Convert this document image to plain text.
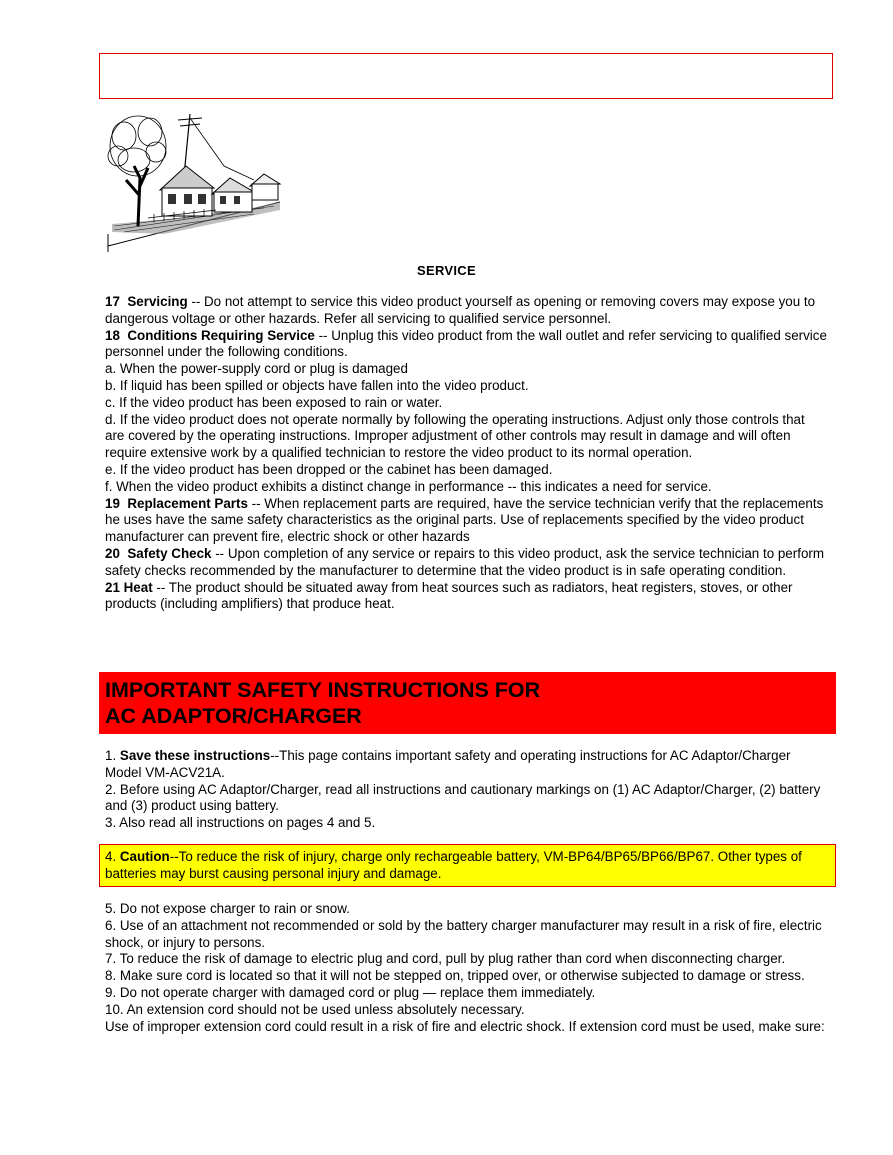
SERVICE

17 Servicing -- Do not attempt to service this video product yourself as opening or removing covers may expose you to dangerous voltage or other hazards. Refer all servicing to qualified service personnel.

18 Conditions Requiring Service -- Unplug this video product from the wall outlet and refer servicing to qualified service personnel under the following conditions.

a. When the power-supply cord or plug is damaged

b. If liquid has been spilled or objects have fallen into the video product.

c. If the video product has been exposed to rain or water.

d. If the video product does not operate normally by following the operating instructions. Adjust only those controls that are covered by the operating instructions. Improper adjustment of other controls may result in damage and will often require extensive work by a qualified technician to restore the video product to its normal operation.

e. If the video product has been dropped or the cabinet has been damaged.

f. When the video product exhibits a distinct change in performance -- this indicates a need for service.

19 Replacement Parts -- When replacement parts are required, have the service technician verify that the replacements he uses have the same safety characteristics as the original parts. Use of replacements specified by the video product manufacturer can prevent fire, electric shock or other hazards

20 Safety Check -- Upon completion of any service or repairs to this video product, ask the service technician to perform safety checks recommended by the manufacturer to determine that the video product is in safe operating condition.

21 Heat -- The product should be situated away from heat sources such as radiators, heat registers, stoves, or other products (including amplifiers) that produce heat.

IMPORTANT SAFETY INSTRUCTIONS FOR
AC ADAPTOR/CHARGER

1. Save these instructions--This page contains important safety and operating instructions for AC Adaptor/Charger Model VM-ACV21A.

2. Before using AC Adaptor/Charger, read all instructions and cautionary markings on (1) AC Adaptor/Charger, (2) battery and (3) product using battery.

3. Also read all instructions on pages 4 and 5.

4. Caution--To reduce the risk of injury, charge only rechargeable battery, VM-BP64/BP65/BP66/BP67. Other types of batteries may burst causing personal injury and damage.

5. Do not expose charger to rain or snow.

6. Use of an attachment not recommended or sold by the battery charger manufacturer may result in a risk of fire, electric shock, or injury to persons.

7. To reduce the risk of damage to electric plug and cord, pull by plug rather than cord when disconnecting charger.

8. Make sure cord is located so that it will not be stepped on, tripped over, or otherwise subjected to damage or stress.

9. Do not operate charger with damaged cord or plug — replace them immediately.

10. An extension cord should not be used unless absolutely necessary.

Use of improper extension cord could result in a risk of fire and electric shock. If extension cord must be used, make sure:
